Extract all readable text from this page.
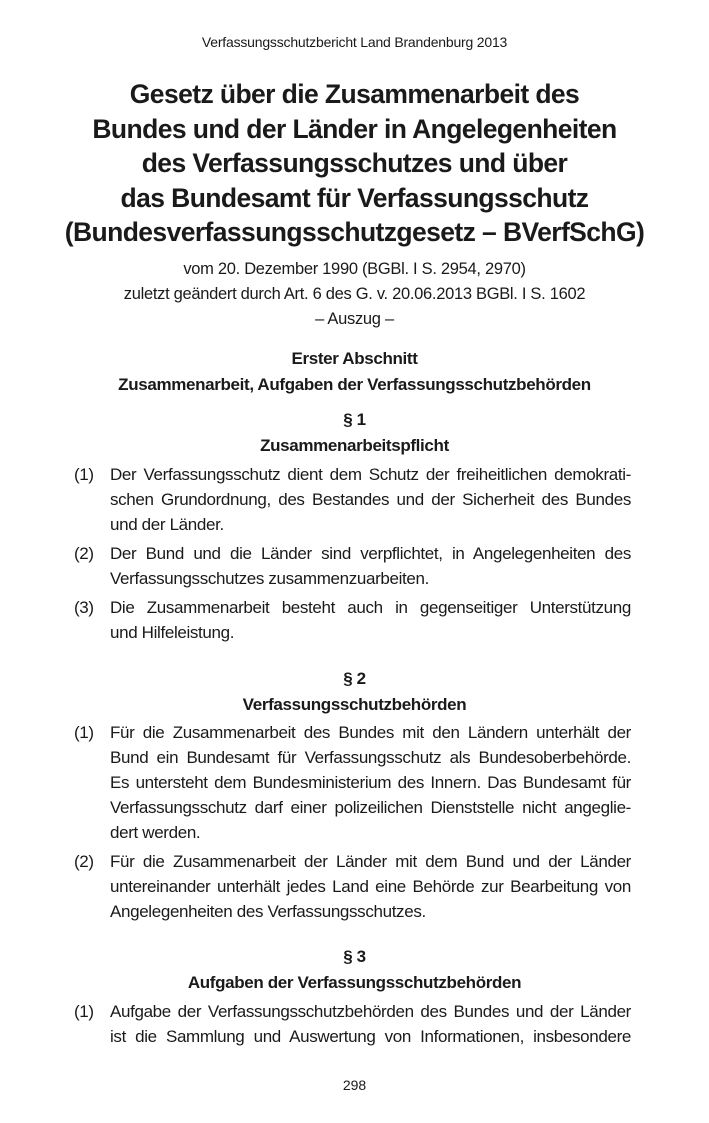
Verfassungsschutzbericht Land Brandenburg 2013
Gesetz über die Zusammenarbeit des
Bundes und der Länder in Angelegenheiten
des Verfassungsschutzes und über
das Bundesamt für Verfassungsschutz
(Bundesverfassungsschutzgesetz – BVerfSchG)
vom 20. Dezember 1990 (BGBl. I S. 2954, 2970)
zuletzt geändert durch Art. 6 des G. v. 20.06.2013 BGBl. I S. 1602
– Auszug –
Erster Abschnitt
Zusammenarbeit, Aufgaben der Verfassungsschutzbehörden
§ 1
Zusammenarbeitspflicht
(1) Der Verfassungsschutz dient dem Schutz der freiheitlichen demokrati-
schen Grundordnung, des Bestandes und der Sicherheit des Bundes
und der Länder.
(2) Der Bund und die Länder sind verpflichtet, in Angelegenheiten des
Verfassungsschutzes zusammenzuarbeiten.
(3) Die Zusammenarbeit besteht auch in gegenseitiger Unterstützung
und Hilfeleistung.
§ 2
Verfassungsschutzbehörden
(1) Für die Zusammenarbeit des Bundes mit den Ländern unterhält der
Bund ein Bundesamt für Verfassungsschutz als Bundesoberbehörde.
Es untersteht dem Bundesministerium des Innern. Das Bundesamt für
Verfassungsschutz darf einer polizeilichen Dienststelle nicht angeglie-
dert werden.
(2) Für die Zusammenarbeit der Länder mit dem Bund und der Länder
untereinander unterhält jedes Land eine Behörde zur Bearbeitung von
Angelegenheiten des Verfassungsschutzes.
§ 3
Aufgaben der Verfassungsschutzbehörden
(1) Aufgabe der Verfassungsschutzbehörden des Bundes und der Länder
ist die Sammlung und Auswertung von Informationen, insbesondere
298
